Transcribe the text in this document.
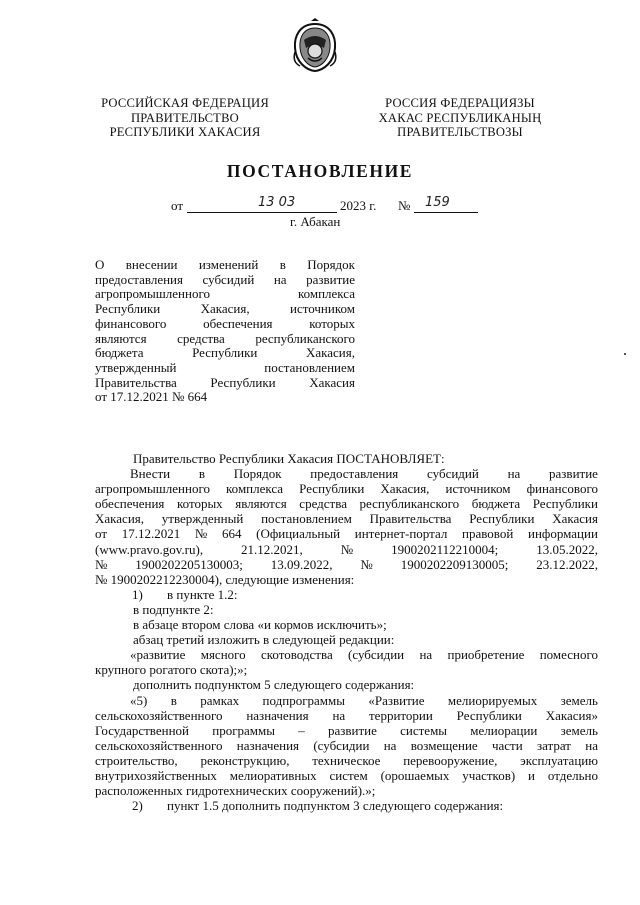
РОССИЙСКАЯ ФЕДЕРАЦИЯ
ПРАВИТЕЛЬСТВО
РЕСПУБЛИКИ ХАКАСИЯ
РОССИЯ ФЕДЕРАЦИЯЗЫ
ХАКАС РЕСПУБЛИКАНЫҢ
ПРАВИТЕЛЬСТВОЗЫ
ПОСТАНОВЛЕНИЕ
от	13 03	2023 г. № 159
г. Абакан
О внесении изменений в Порядок
предоставления субсидий на развитие
агропромышленного	комплекса
Республики	Хакасия,	источником
финансового	обеспечения	которых
являются средства республиканского
бюджета	Республики	Хакасия,
утвержденный	постановлением
Правительства	Республики	Хакасия
от 17.12.2021 № 664
Правительство Республики Хакасия ПОСТАНОВЛЯЕТ:
Внести в Порядок предоставления субсидий на развитие
агропромышленного комплекса Республики Хакасия, источником финансового
обеспечения которых являются средства республиканского бюджета Республики
Хакасия, утвержденный постановлением Правительства Республики Хакасия
от 17.12.2021 № 664 (Официальный интернет-портал правовой информации
(www.pravo.gov.ru),	21.12.2021,	№	1900202112210004;	13.05.2022,
№ 1900202205130003; 13.09.2022, № 1900202209130005; 23.12.2022,
№ 1900202212230004), следующие изменения:
1)	в пункте 1.2:
в подпункте 2:
в абзаце втором слова «и кормов исключить»;
абзац третий изложить в следующей редакции:
«развитие мясного скотоводства (субсидии на приобретение помесного
крупного рогатого скота);»;
дополнить подпунктом 5 следующего содержания:
«5) в рамках подпрограммы «Развитие мелиорируемых земель
сельскохозяйственного назначения на территории Республики Хакасия»
Государственной программы – развитие системы мелиорации земель
сельскохозяйственного назначения (субсидии на возмещение части затрат на
строительство, реконструкцию, техническое перевооружение, эксплуатацию
внутрихозяйственных мелиоративных систем (орошаемых участков) и отдельно
расположенных гидротехнических сооружений).»;
2)	пункт 1.5 дополнить подпунктом 3 следующего содержания:
